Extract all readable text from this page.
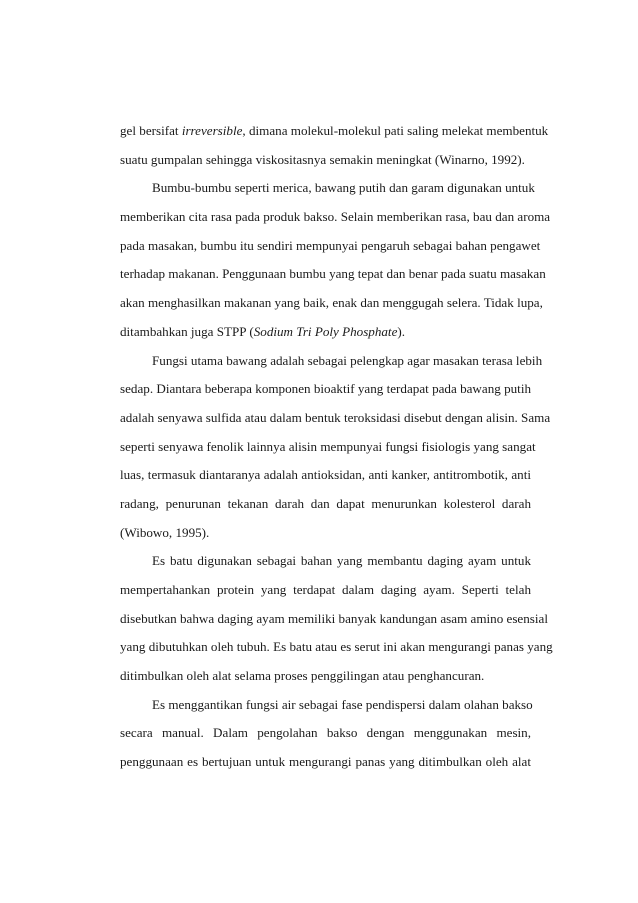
gel bersifat irreversible, dimana molekul-molekul pati saling melekat membentuk
suatu gumpalan sehingga viskositasnya semakin meningkat (Winarno, 1992).
Bumbu-bumbu seperti merica, bawang putih dan garam digunakan untuk
memberikan cita rasa pada produk bakso. Selain memberikan rasa, bau dan aroma
pada masakan, bumbu itu sendiri mempunyai pengaruh sebagai bahan pengawet
terhadap makanan. Penggunaan bumbu yang tepat dan benar pada suatu masakan
akan menghasilkan makanan yang baik, enak dan menggugah selera. Tidak lupa,
ditambahkan juga STPP (Sodium Tri Poly Phosphate).
Fungsi utama bawang adalah sebagai pelengkap agar masakan terasa lebih
sedap. Diantara beberapa komponen bioaktif yang terdapat pada bawang putih
adalah senyawa sulfida atau dalam bentuk teroksidasi disebut dengan alisin. Sama
seperti senyawa fenolik lainnya alisin mempunyai fungsi fisiologis yang sangat
luas, termasuk diantaranya adalah antioksidan, anti kanker, antitrombotik, anti
radang, penurunan tekanan darah dan dapat menurunkan kolesterol darah
(Wibowo, 1995).
Es batu digunakan sebagai bahan yang membantu daging ayam untuk
mempertahankan protein yang terdapat dalam daging ayam. Seperti telah
disebutkan bahwa daging ayam memiliki banyak kandungan asam amino esensial
yang dibutuhkan oleh tubuh. Es batu atau es serut ini akan mengurangi panas yang
ditimbulkan oleh alat selama proses penggilingan atau penghancuran.
Es menggantikan fungsi air sebagai fase pendispersi dalam olahan bakso
secara manual. Dalam pengolahan bakso dengan menggunakan mesin,
penggunaan es bertujuan untuk mengurangi panas yang ditimbulkan oleh alat
